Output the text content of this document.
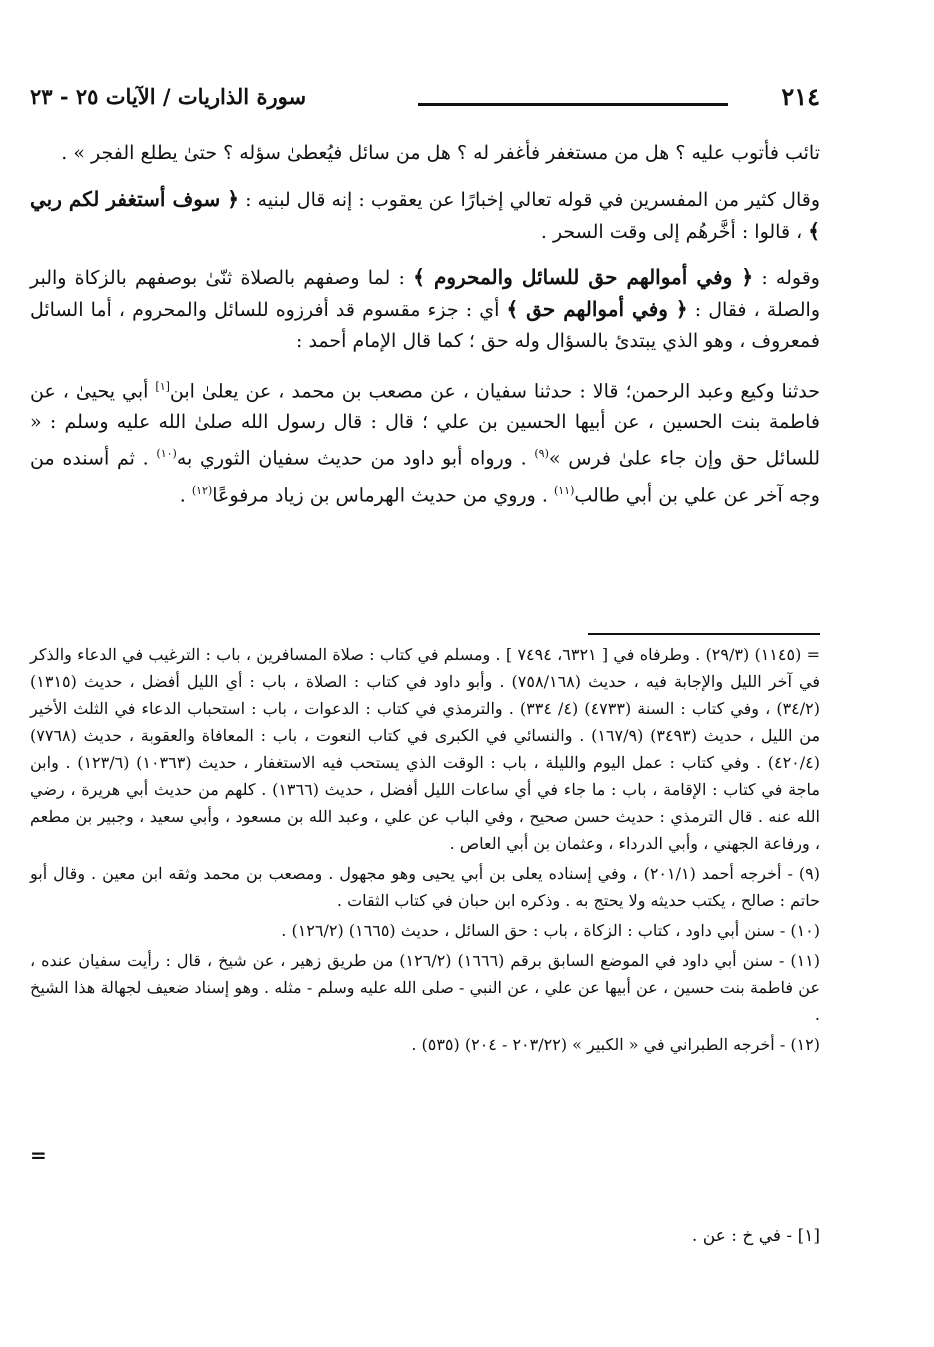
٢١٤
سورة الذاريات / الآيات ٢٥ - ٢٣

تائب فأتوب عليه ؟ هل من مستغفر فأغفر له ؟ هل من سائل فيُعطىٰ سؤله ؟ حتىٰ يطلع الفجر » .

وقال كثير من المفسرين في قوله تعالي إخبارًا عن يعقوب : إنه قال لبنيه : ﴿ سوف أستغفر لكم ربي ﴾ ، قالوا : أخَّرهُم إلى وقت السحر .

وقوله : ﴿ وفي أموالهم حق للسائل والمحروم ﴾ : لما وصفهم بالصلاة ثنّىٰ بوصفهم بالزكاة والبر والصلة ، فقال : ﴿ وفي أموالهم حق ﴾ أي : جزء مقسوم قد أفرزوه للسائل والمحروم ، أما السائل فمعروف ، وهو الذي يبتدئ بالسؤال وله حق ؛ كما قال الإمام أحمد :

حدثنا وكيع وعبد الرحمن؛ قالا : حدثنا سفيان ، عن مصعب بن محمد ، عن يعلىٰ ابن[١] أبي يحيىٰ ، عن فاطمة بنت الحسين ، عن أبيها الحسين بن علي ؛ قال : قال رسول الله صلىٰ الله عليه وسلم : « للسائل حق وإن جاء علىٰ فرس »$^{(٩)}$ . ورواه أبو داود من حديث سفيان الثوري به$^{(١٠)}$ . ثم أسنده من وجه آخر عن علي بن أبي طالب$^{(١١)}$ . وروي من حديث الهرماس بن زياد مرفوعًا$^{(١٢)}$ .

= (١١٤٥) (٢٩/٣) . وطرفاه في [ ٦٣٢١، ٧٤٩٤ ] . ومسلم في كتاب : صلاة المسافرين ، باب : الترغيب في الدعاء والذكر في آخر الليل والإجابة فيه ، حديث (٧٥٨/١٦٨) . وأبو داود في كتاب : الصلاة ، باب : أي الليل أفضل ، حديث (١٣١٥) (٣٤/٢) ، وفي كتاب : السنة (٤٧٣٣) (٤/ ٣٣٤) . والترمذي في كتاب : الدعوات ، باب : استحباب الدعاء في الثلث الأخير من الليل ، حديث (٣٤٩٣) (١٦٧/٩) . والنسائي في الكبرى في كتاب النعوت ، باب : المعافاة والعقوبة ، حديث (٧٧٦٨) (٤٢٠/٤) . وفي كتاب : عمل اليوم والليلة ، باب : الوقت الذي يستحب فيه الاستغفار ، حديث (١٠٣٦٣) (١٢٣/٦) . وابن ماجة في كتاب : الإقامة ، باب : ما جاء في أي ساعات الليل أفضل ، حديث (١٣٦٦) . كلهم من حديث أبي هريرة ، رضي الله عنه . قال الترمذي : حديث حسن صحيح ، وفي الباب عن علي ، وعبد الله بن مسعود ، وأبي سعيد ، وجبير بن مطعم ، ورفاعة الجهني ، وأبي الدرداء ، وعثمان بن أبي العاص .

(٩) - أخرجه أحمد (٢٠١/١) ، وفي إسناده يعلى بن أبي يحيى وهو مجهول . ومصعب بن محمد وثقه ابن معين . وقال أبو حاتم : صالح ، يكتب حديثه ولا يحتج به . وذكره ابن حبان في كتاب الثقات .

(١٠) - سنن أبي داود ، كتاب : الزكاة ، باب : حق السائل ، حديث (١٦٦٥) (١٢٦/٢) .

(١١) - سنن أبي داود في الموضع السابق برقم (١٦٦٦) (١٢٦/٢) من طريق زهير ، عن شيخ ، قال : رأيت سفيان عنده ، عن فاطمة بنت حسين ، عن أبيها عن علي ، عن النبي - صلى الله عليه وسلم - مثله . وهو إسناد ضعيف لجهالة هذا الشيخ .

(١٢) - أخرجه الطبراني في « الكبير » (٢٠٣/٢٢ - ٢٠٤) (٥٣٥) .

=
[١] - في خ : عن .
